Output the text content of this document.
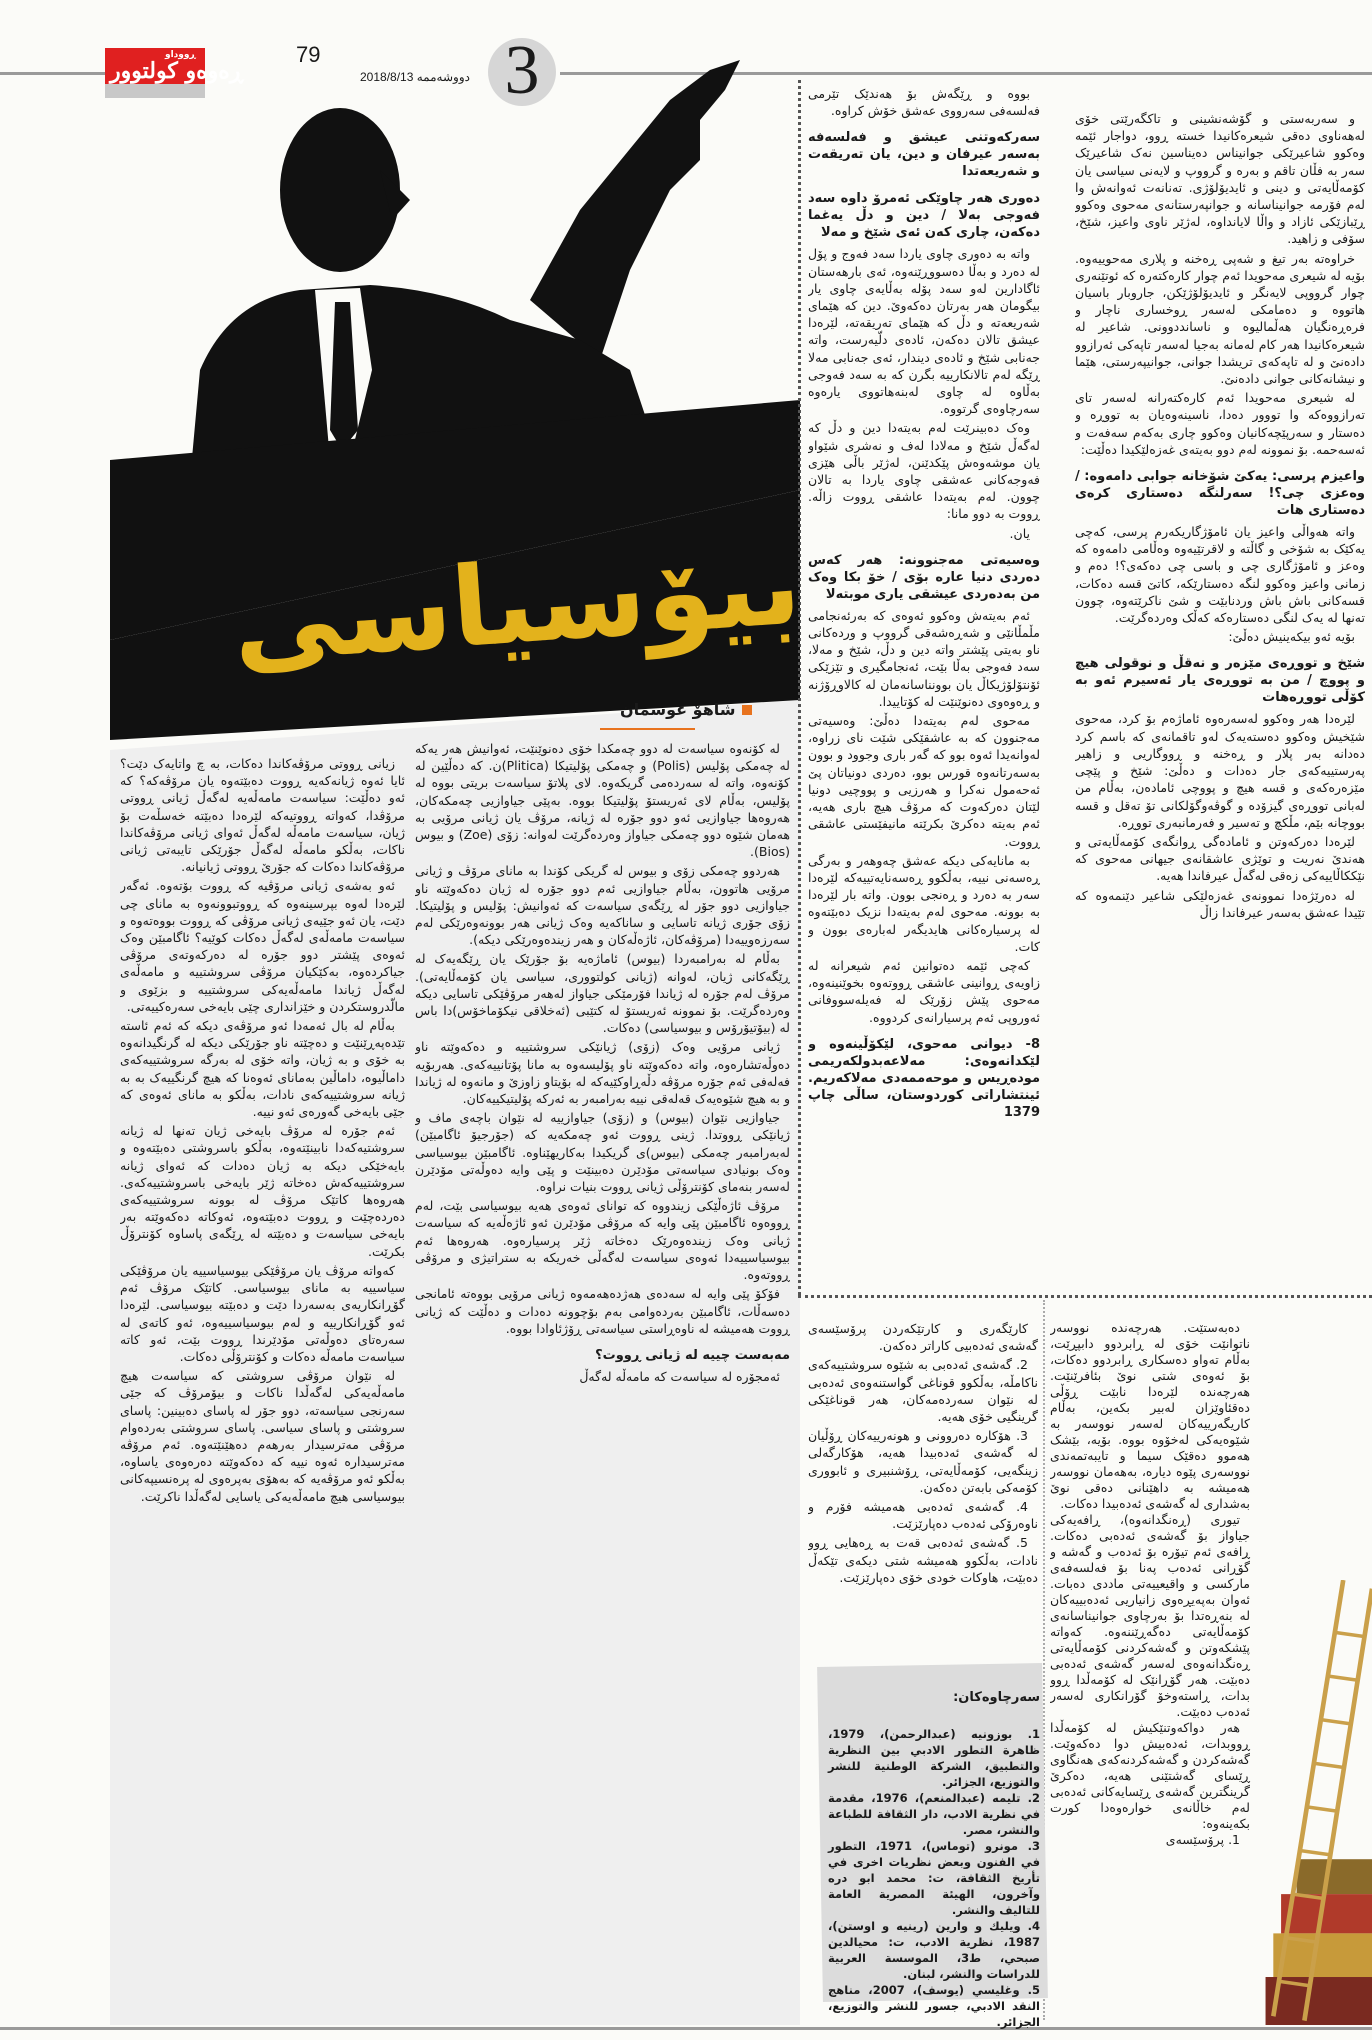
ڕەوەو کولتوور
ڕووداو	79
دووشەممە 2018/8/13	3
بیۆسیاسی
شاهۆ عوسمان

زیانی ڕووتی مرۆڤەکاندا دەکات، بە چ واتایەک دێت؟ ئایا ئەوە ژیانەکەیە ڕووت دەبێتەوە یان مرۆڤەکە؟ کە ئەو دەڵێت: سیاسەت مامەڵەیە لەگەڵ ژیانی ڕووتی مرۆڤدا، کەواتە ڕووتیەکە لێرەدا دەبێتە خەسڵەت بۆ ژیان، سیاسەت مامەڵە لەگەڵ ئەوای ژیانی مرۆڤەکاندا ناکات، بەڵکو مامەڵە لەگەڵ جۆرێکی تایبەتی ژیانی مرۆڤەکاندا دەکات کە جۆرێ ڕووتی ژیانیانە.

ئەو بەشەی ژیانی مرۆڤیە کە ڕووت بۆتەوە. ئەگەر لێرەدا لەوە بپرسینەوە کە ڕووتبوونەوە بە مانای چی دێت، یان ئەو جێیەی ژیانی مرۆڤی کە ڕووت بووەتەوە و سیاسەت مامەڵەی لەگەڵ دەکات کوێیە؟ ئاگامبێن وەک ئەوەی پێشتر دوو جۆرە لە دەرکەوتەی مرۆڤی جیاکردەوە، بەکێکیان مرۆڤی سروشتییە و مامەڵەی لەگەڵ ژیاندا مامەڵەیەکی سروشتییە و بزێوی و مالّدروستکردن و خێزانداری چێی بایەخی سەرەکییەتی.

بەڵام لە بال ئەمەدا ئەو مرۆڤەی دیکە کە ئەم ئاستە تێدەپەڕێنێت و دەچێتە ناو جۆرێکی دیکە لە گرنگیدانەوە بە خۆی و بە ژیان، واتە خۆی لە بەرگە سروشتییەکەی داماڵیوە، داماڵین بەمانای ئەوەنا کە هیچ گرنگییەک بە بە ژیانە سروشتییەکەی نادات، بەڵکو بە مانای ئەوەی کە جێی بایەخی گەورەی ئەو نییە.

ئەم جۆرە لە مرۆڤ بایەخی ژیان تەنها لە ژیانە سروشتیەکەدا نابینێتەوە، بەڵکو باسروشتی دەبێتەوە و بایەخێکی دیکە بە ژیان دەدات کە ئەوای ژیانە سروشتییەکەش دەخاتە ژێر بایەخی باسروشتییەکەی. هەروەها کاتێک مرۆڤ لە بوونە سروشتییەکەی دەردەچێت و ڕووت دەبێتەوە، ئەوکاتە دەکەوێتە بەر بایەخی سیاسەت و دەبێتە لە ڕێگەی پاساوە کۆنترۆڵ بکرێت.

کەواتە مرۆڤ یان مرۆڤێکی بیوسیاسییە یان مرۆڤێکی سیاسییە بە مانای بیوسیاسی. کاتێک مرۆڤ ئەم گۆڕانکاریەی بەسەردا دێت و دەبێتە بیوسیاسی. لێرەدا ئەو گۆڕانکارییە و لەم بیوسیاسییەوە، ئەو کاتەی لە سەرەتای دەوڵەتی مۆدێرندا ڕووت بێت، ئەو کاتە سیاسەت مامەڵە دەکات و کۆنترۆڵی دەکات.

لە نێوان مرۆڤی سروشتی کە سیاسەت هیچ مامەڵەیەکی لەگەڵدا ناکات و بیۆمرۆڤ کە جێی سەرنجی سیاسەتە، دوو جۆر لە پاسای دەبینین: پاسای سروشتی و پاسای سیاسی. پاسای سروشتی بەردەوام مرۆڤی مەترسیدار بەرهەم دەهێنێتەوە. ئەم مرۆڤە مەترسیدارە ئەوە نییە کە دەکەوێتە دەرەوەی یاساوە، بەڵکو ئەو مرۆڤەیە کە بەهۆی بەپرەوی لە پرەنسیپەکانی بیوسیاسی هیچ مامەڵەیەکی یاسایی لەگەڵدا ناکرێت.

لە کۆنەوە سیاسەت لە دوو چەمکدا خۆی دەنوێنێت، ئەوانیش هەر یەکە لە چەمکی پۆلیس (Polis) و چەمکی پۆلیتیکا (Plitica)ن. کە دەڵێین لە کۆنەوە، واتە لە سەردەمی گریکەوە. لای پلاتۆ سیاسەت بریتی بووە لە پۆلیس، بەڵام لای ئەریستۆ پۆلیتیکا بووە. بەپێی جیاوازیی چەمکەکان، هەروەها جیاوازیی ئەو دوو جۆرە لە ژیانە، مرۆڤ یان ژیانی مرۆیی بە هەمان شێوە دوو چەمکی جیاواز وەردەگرێت لەوانە: زۆی (Zoe) و بیوس (Bios).

هەردوو چەمکی زۆی و بیوس لە گریکی کۆندا بە مانای مرۆڤ و ژیانی مرۆیی هاتوون، بەڵام جیاوازیی ئەم دوو جۆرە لە ژیان دەکەوێتە ناو جیاوازیی دوو جۆر لە ڕێگەی سیاسەت کە ئەوانیش: پۆلیس و پۆلیتیکا. زۆی جۆری ژیانە تاسایی و ساناکەیە وەک ژیانی هەر بوونەوەرێکی لەم سەرزەوییەدا (مرۆڤەکان، ئاژەڵەکان و هەر زیندەوەرێکی دیکە).

بەڵام لە بەرامبەردا (بیوس) ئاماژەیە بۆ جۆرێک یان ڕێگەیەک لە ڕێگەکانی ژیان، لەوانە (ژیانی کولتووری، سیاسی یان کۆمەڵایەتی). مرۆڤ لەم جۆرە لە ژیاندا فۆرمێکی جیاواز لەهەر مرۆڤێکی تاسایی دیکە وەردەگرێت. بۆ نموونە ئەریستۆ لە کتێبی (ئەخلاقی نیکۆماخۆس)دا باس لە (بیۆتیۆرۆس و بیوسیاسی) دەکات.

ژیانی مرۆیی وەک (زۆی) ژیانێکی سروشتییە و دەکەوێتە ناو دەوڵەتشارەوە، واتە دەکەوێتە ناو پۆلیسەوە بە مانا پۆتانییەکەی. هەربۆیە فەلەفی ئەم جۆرە مرۆڤە دڵەڕاوکێیەکە لە بۆیتاو زاوزێ و مانەوە لە ژیاندا و بە هیچ شێوەیەک قەلەقی نییە بەرامبەر بە ئەرکە پۆلیتیکییەکان.

جیاوازیی نێوان (بیوس) و (زۆی) جیاوازییە لە نێوان باچەی ماف و ژیانێکی ڕووتدا. ژینی ڕووت ئەو چەمکەیە کە (جۆرجیۆ ئاگامبێن) لەبەرامبەر چەمکی (بیوس)ی گریکیدا بەکاریهێناوە. ئاگامبێن بیوسیاسی وەک بونیادی سیاسەتی مۆدێرن دەبینێت و پێی وایە دەوڵەتی مۆدێرن لەسەر بنەمای کۆنترۆڵی ژیانی ڕووت بنیات نراوە.

مرۆڤ ئاژەڵێکی زیندووە کە توانای ئەوەی هەیە بیوسیاسی بێت، لەم ڕووەوە ئاگامبێن پێی وایە کە مرۆڤی مۆدێرن ئەو ئاژەڵەیە کە سیاسەت ژیانی وەک زیندەوەرێک دەخاتە ژێر پرسیارەوە. هەروەها ئەم بیوسیاسییەدا ئەوەی سیاسەت لەگەڵی خەریکە بە ستراتیژی و مرۆڤی ڕووتەوە.

فۆکۆ پێی وایە لە سەدەی هەژدەهەمەوە ژیانی مرۆیی بووەتە ئامانجی دەسەڵات، ئاگامبێن بەردەوامی بەم بۆچوونە دەدات و دەڵێت کە ژیانی ڕووت هەمیشە لە ناوەڕاستی سیاسەتی ڕۆژئاوادا بووە.

مەبەست چییە لە ژیانی ڕووت؟

ئەمجۆرە لە سیاسەت کە مامەڵە لەگەڵ

بووە و ڕێگەش بۆ هەندێک تێرمی فەلسەفی سەرووی عەشق خۆش کراوە.

سەرکەوتنی عیشق و فەلسەفە بەسەر عیرفان و دین، یان تەریقەت و شەریعەتدا
دەوری هەر چاوێکی ئەمرۆ داوە سەد فەوجی بەلا / دین و دڵ یەغما دەکەن، چاری کەن ئەی شێخ و مەلا

واتە بە دەوری چاوی یاردا سەد فەوج و پۆل لە دەرد و بەڵا دەسووڕێنەوە، ئەی بارهەستان ئاگادارین لەو سەد پۆلە بەڵایەی چاوی یار بیگومان هەر بەرتان دەکەوێ. دین کە هێمای شەریعەتە و دڵ کە هێمای تەریقەتە، لێرەدا عیشق تالان دەکەن، ئادەی دلّیەرست، واتە جەنابی شێخ و ئادەی دیندار، ئەی جەنابی مەلا ڕێگە لەم تالانکارییە بگرن کە بە سەد فەوجی بەڵاوە لە چاوی لەبنەهاتووی یارەوە سەرچاوەی گرتووە.

وەک دەبینرێت لەم بەیتەدا دین و دڵ کە لەگەڵ شێخ و مەلادا لەف و نەشری شێواو یان موشەوەش پێکدێنن، لەژێر باڵی هێزی فەوجەکانی عەشقی چاوی یاردا بە تالان چوون. لەم بەیتەدا عاشقی ڕووت زاڵە. ڕووت بە دوو مانا:

یان.

وەسیەتی مەجنوونە: هەر کەس دەردی دنیا عارە بۆی / خۆ بکا وەک من بەدەردی عیشقی یاری موبتەلا

ئەم بەیتەش وەکوو ئەوەی کە بەرئەنجامی مڵمڵانێی و شەڕەشەقی گرووپ و وردەکانی ناو بەیتی پێشتر واتە دین و دڵ، شێخ و مەلا، سەد فەوجی بەڵا بێت، ئەنجامگیری و تێزێکی ئۆنتۆلۆژیکاڵ یان بوونناسانەمان لە کالاوڕۆژنە و ڕەوەوی دەنوێنێت لە کۆتاییدا.

مەحوی لەم بەیتەدا دەڵێ: وەسیەتی مەجنوون کە بە عاشقێکی شێت نای زراوە، لەوانەیدا ئەوە بوو کە گەر باری وجوود و بوون بەسەرتانەوە قورس بوو، دەردی دونیاتان پێ ئەحەمول نەکرا و هەرزیی و پووچیی دونیا لێتان دەرکەوت کە مرۆڤ هیچ باری هەیە، ئەم بەیتە دەکرێ بکرێتە مانیفێستی عاشقی ڕووت.

بە مانایەکی دیکە عەشق چەوهەر و بەرگی ڕەسەنی نییە، بەڵکوو ڕەسەنایەتییەکە لێرەدا سەر بە دەرد و ڕەنجی بوون. واتە بار لێرەدا بە بوونە. مەحوی لەم بەیتەدا نزیک دەبێتەوە لە پرسیارەکانی هایدیگەر لەبارەی بوون و کات.

کەچی ئێمە دەتوانین ئەم شیعرانە لە زاویەی ڕوانینی عاشقی ڕووتەوە بخوێنینەوە، مەحوی پێش زۆرێک لە فەیلەسووفانی ئەوروپی ئەم پرسیارانەی کردووە.

8- دیوانی مەحوی، لێکۆڵینەوە و لێکدانەوەی: مەلاعەبدولکەریمی مودەڕیس و موحەممەدی مەلاکەریم. ئینتشاراتی کوردوستان، ساڵی چاپ 1379

و سەربەستی و گۆشەنشینی و تاکگەرێتی خۆی لەهەناوی دەقی شیعرەکانیدا خستە ڕوو، دواجار ئێمە وەکوو شاعیرێکی جوانیناس دەیناسین نەک شاعیرێک سەر بە فڵان تاقم و بەرە و گرووپ و لایەنی سیاسی یان کۆمەڵایەتی و دینی و ئایدیۆلۆژی. تەنانەت ئەوانەش وا لەم فۆرمە جوانیناسانە و جوانپەرستانەی مەحوی وەکوو ڕێبازێکی ئازاد و واڵا لایانداوە، لەژێر ناوی واعیز، شێخ، سۆفی و زاهید.

خراوەتە بەر تیغ و شەپی ڕەخنە و پلاری مەحوییەوە. بۆیە لە شیعری مەحویدا ئەم چوار کارەکتەرە کە ئوتێنەری چوار گرووپی لایەنگر و ئایدیۆلۆژێکن، جاروبار باسیان هاتووە و دەمامکی لەسەر ڕوخساری ناچار و فرەڕەنگیان هەڵمالیوە و ناسانددوونی. شاعیر لە شیعرەکانیدا هەر کام لەمانە بەجیا لەسەر تاپەکی ئەرازوو دادەنێ و لە تاپەکەی تریشدا جوانی، جوانیپەرستی، هێما و نیشانەکانی جوانی دادەنێ.

لە شیعری مەحویدا ئەم کارەکتەرانە لەسەر تای تەرازووەکە وا تووور دەدا، ناسینەوەیان بە تووڕە و دەستار و سەرپێچەکانیان وەکوو چاری بەکەم سەفەت و ئەسەحمە. بۆ نموونە لەم دوو بەیتەی غەزەلێکیدا دەڵێت:

واعیزم پرسی: یەکێ شۆخانە جوابی دامەوە: / وەعزی چی؟! سەرلنگە دەستاری کرەی دەستاری هات

واتە هەواڵی واعیز یان ئامۆژگاریکەرم پرسی، کەچی یەکێک بە شۆخی و گاڵتە و لاقرتێیەوە وەڵامی دامەوە کە وەعز و ئامۆژگاری چی و باسی چی دەکەی؟! دەم و زمانی واعیز وەکوو لنگە دەستارێکە، کاتێ قسە دەکات، قسەکانی باش باش وردنابێت و شێ ناکرێتەوە، چوون تەنها لە یەک لنگی دەستارەکە کەڵک وەردەگرێت.

بۆیە ئەو بیکەینیش دەڵێ:

شێخ و تووڕەی مێزەر و نەقڵ و نوقولی هیچ و پووچ / من بە تووڕەی یار ئەسیرم ئەو بە کۆڵی تووڕەهات

لێرەدا هەر وەکوو لەسەرەوە ئاماژەم بۆ کرد، مەحوی شێخیش وەکوو دەستەیەک لەو تاقمانەی کە باسم کرد دەدانە بەر پلار و ڕەخنە و ڕووگاریی و زاهیر پەرستییەکەی جار دەدات و دەڵێ: شێخ و پێچی مێزەرەکەی و قسە هیچ و پووچی ئامادەن، بەڵام من لەبانی تووڕەی گیزۆدە و گوڤەوگۆلکانی تۆ تەقل و قسە بووچانە بێم، مڵکچ و تەسیر و فەرمانبەری تووڕە.

لێرەدا دەرکەوتن و ئامادەگی ڕوانگەی کۆمەڵایەتی و هەندێ نەریت و توێژی عاشقانەی جیهانی مەحوی کە نێککاڵاییەکی زەقی لەگەڵ عیرفاندا هەیە.

لە دەرێژەدا نموونەی غەزەلێکی شاعیر دێنمەوە کە تێیدا عەشق بەسەر عیرفاندا زاڵ

کارێگەری و کارتێکەردن پرۆسێسەی گەشەی ئەدەبیی کاراتر دەکەن.

2. گەشەی ئەدەبی بە شێوە سروشتییەکەی ناکامڵە، بەڵکوو قوناغی گواستنەوەی ئەدەبی لە نێوان سەردەمەکان، هەر قوناغێکی گرینگیی خۆی هەیە.

3. هۆکارە دەروونی و هونەرییەکان ڕۆڵیان لە گەشەی ئەدەبیدا هەیە، هۆکارگەلی زینگەیی، کۆمەڵایەتی، ڕۆشنبیری و ئابووری کۆمەکی بابەتن دەکەن.

4. گەشەی ئەدەبی هەمیشە فۆرم و ناوەرۆکی ئەدەب دەپارێزێت.

5. گەشەی ئەدەبی قەت بە ڕەهایی ڕوو نادات، بەڵکوو هەمیشە شتی دیکەی تێکەڵ دەبێت، هاوکات خودی خۆی دەپارێزێت.

سەرچاوەکان:

1. بوزونیه (عبدالرحمن)، 1979، ظاهرة التطور الادبي بين النظرية والتطبيق، الشركة الوطنية للنشر والتوزيع، الجزائر.

2. تليمه (عبدالمنعم)، 1976، مقدمة في نظرية الادب، دار الثقافة للطباعة والنشر، مصر.

3. مونرو (توماس)، 1971، التطور في الفنون وبعض نظريات اخرى في تأريخ الثقافة، ت: محمد ابو دره وآخرون، الهيئة المصرية العامة للتاليف والنشر.

4. ويليك و وارين (رينيه و اوستن)، 1987، نظرية الادب، ت: محيالدين صبحي، ط3، الموسسة العربية للدراسات والنشر، لبنان.

5. وغليسي (يوسف)، 2007، مناهج النقد الادبي، جسور للنشر والتوزيع، الجزائر.

دەبەستێت. هەرچەندە نووسەر ناتوانێت خۆی لە ڕابردوو دابپڕێت، بەڵام تەواو دەسکاری ڕابردوو دەکات، بۆ ئەوەی شتی نوێ بئافرێنێت. هەرچەندە لێرەدا نابێت ڕۆڵی دەقئاوێزان لەبیر بکەین، بەڵام کاریگەرییەکان لەسەر نووسەر بە شێوەیەکی لەخۆوە بووە. بۆیە، بێشک هەموو دەقێک سیما و تایبەتمەندی نووسەری پێوە دیارە، بەهەمان نووسەر هەمیشە بە داهێنانی دەقی نوێ بەشداری لە گەشەی ئەدەبیدا دەکات.

تیوری (ڕەنگدانەوە)، ڕافەیەکی جیاواز بۆ گەشەی ئەدەبی دەکات. ڕافەی ئەم تیۆرە بۆ ئەدەب و گەشە و گۆڕانی ئەدەب پەنا بۆ فەلسەفەی مارکسی و واقیعییەتی ماددی دەبات. ئەوان بەپەیڕەوی زانیاریی ئەدەبییەکان لە بنەڕەتدا بۆ بەرچاوی جوانیناسانەی کۆمەڵایەتی دەگەڕێننەوە. کەواتە پێشکەوتن و گەشەکردنی کۆمەڵایەتی ڕەنگدانەوەی لەسەر گەشەی ئەدەبی دەبێت. هەر گۆڕانێک لە کۆمەڵدا ڕوو بدات، ڕاستەوخۆ گۆرانکاری لەسەر ئەدەب دەبێت.

هەر دواکەوتنێکیش لە کۆمەڵدا ڕووبدات، ئەدەبیش دوا دەکەوێت. گەشەکردن و گەشەکردنەکەی هەنگاوی ڕێسای گەشتێنی هەیە، دەکرێ گرینگترین گەشەی ڕێسایەکانی ئەدەبی لەم خاڵانەی خوارەوەدا کورت بکەینەوە:

1. پرۆسێسەی
